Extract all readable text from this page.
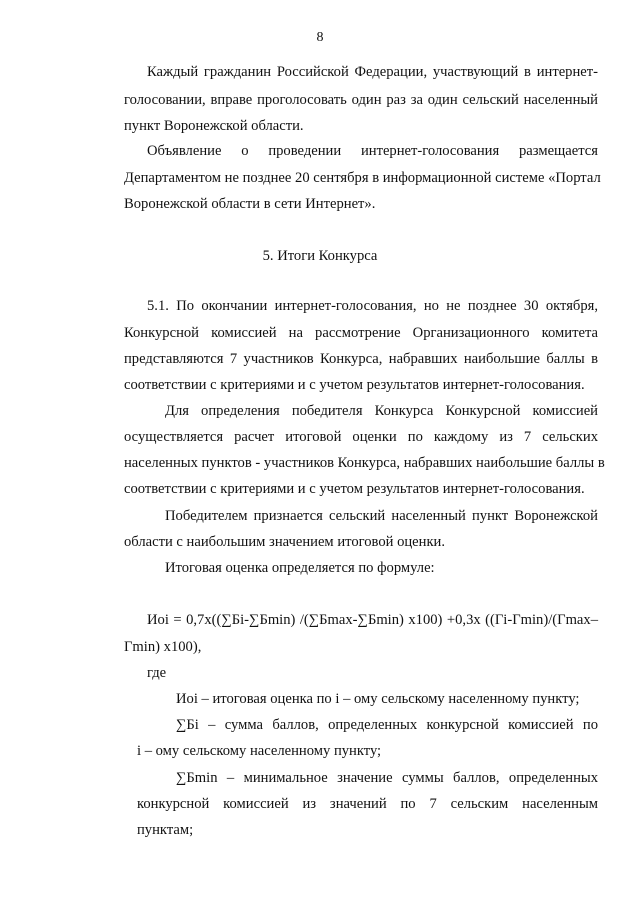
8
Каждый гражданин Российской Федерации, участвующий в интернет-
голосовании, вправе проголосовать один раз за один сельский населенный
пункт Воронежской области.
Объявление о проведении интернет-голосования размещается
Департаментом не позднее 20 сентября в информационной системе «Портал
Воронежской области в сети Интернет».
5. Итоги Конкурса
5.1. По окончании интернет-голосования, но не позднее 30 октября,
Конкурсной комиссией на рассмотрение Организационного комитета
представляются 7 участников Конкурса, набравших наибольшие баллы в
соответствии с критериями и с учетом результатов интернет-голосования.
Для определения победителя Конкурса Конкурсной комиссией
осуществляется расчет итоговой оценки по каждому из 7 сельских
населенных пунктов - участников Конкурса, набравших наибольшие баллы в
соответствии с критериями и с учетом результатов интернет-голосования.
Победителем признается сельский населенный пункт Воронежской
области с наибольшим значением итоговой оценки.
Итоговая оценка определяется по формуле:
Иoi = 0,7x((∑Бi-∑Бmin) /(∑Бmax-∑Бmin) x100) +0,3x ((Гi-Гmin)/(Гmax–
Гmin) x100),
где
Иoi – итоговая оценка по i – ому сельскому населенному пункту;
∑Бi – сумма баллов, определенных конкурсной комиссией по
i – ому сельскому населенному пункту;
∑Бmin – минимальное значение суммы баллов, определенных
конкурсной комиссией из значений по 7 сельским населенным
пунктам;
